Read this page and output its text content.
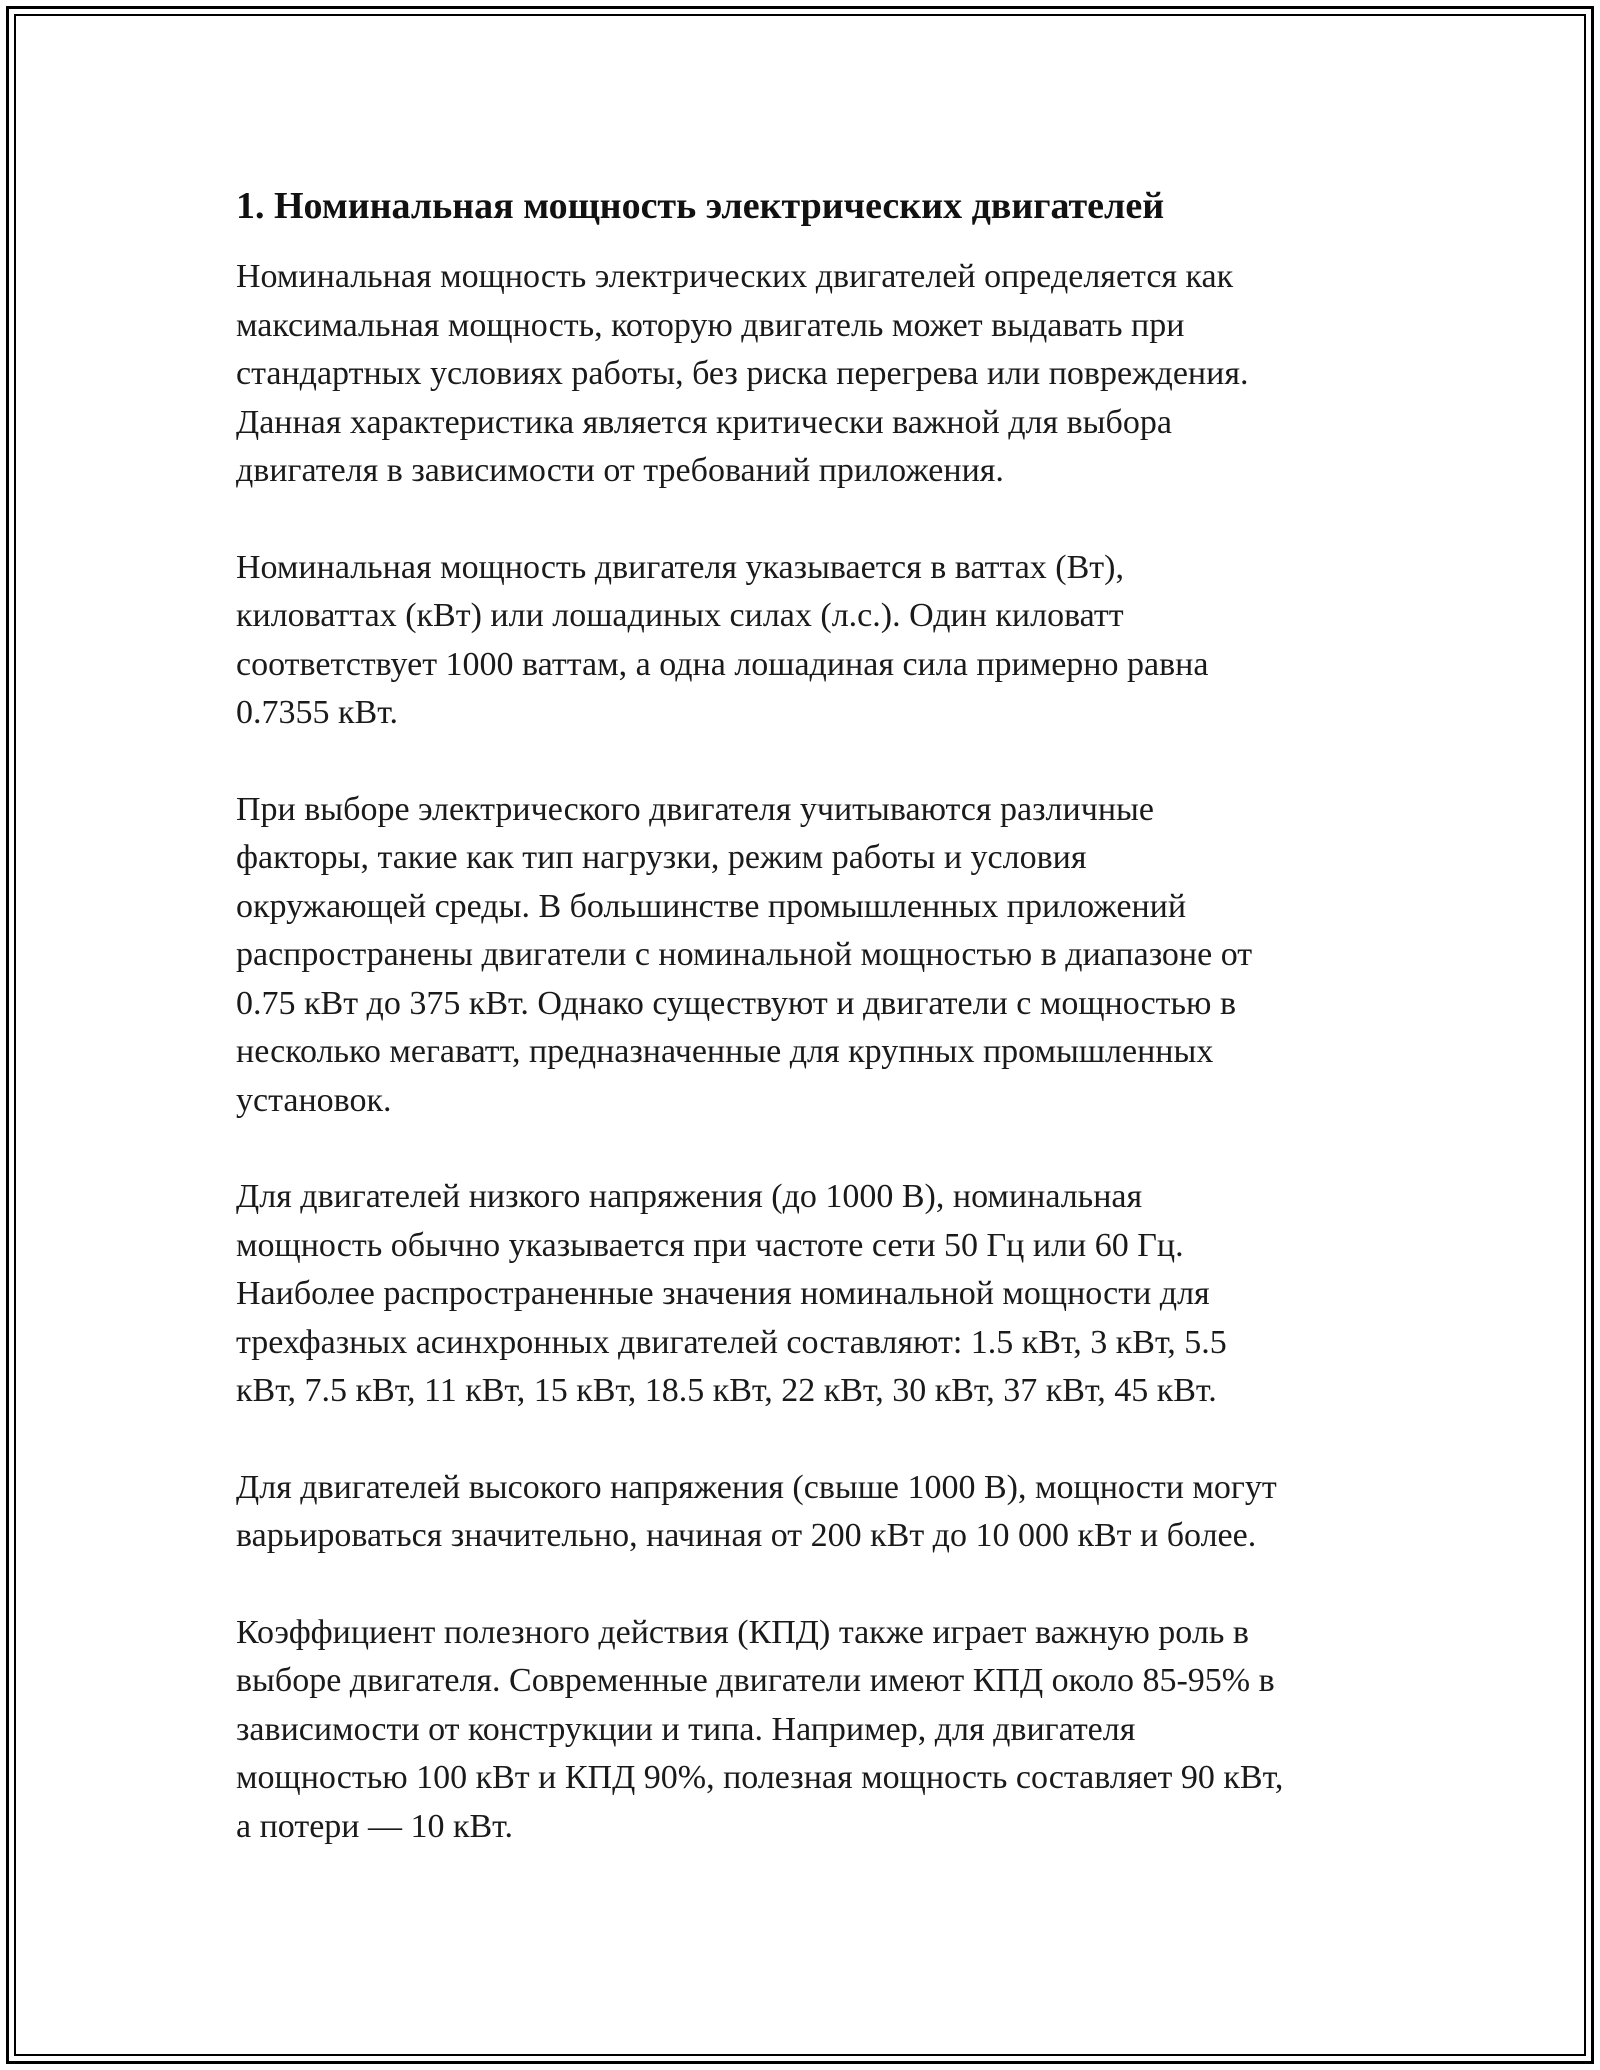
1. Номинальная мощность электрических двигателей

Номинальная мощность электрических двигателей определяется как
максимальная мощность, которую двигатель может выдавать при
стандартных условиях работы, без риска перегрева или повреждения.
Данная характеристика является критически важной для выбора
двигателя в зависимости от требований приложения.

Номинальная мощность двигателя указывается в ваттах (Вт),
киловаттах (кВт) или лошадиных силах (л.с.). Один киловатт
соответствует 1000 ваттам, а одна лошадиная сила примерно равна
0.7355 кВт.

При выборе электрического двигателя учитываются различные
факторы, такие как тип нагрузки, режим работы и условия
окружающей среды. В большинстве промышленных приложений
распространены двигатели с номинальной мощностью в диапазоне от
0.75 кВт до 375 кВт. Однако существуют и двигатели с мощностью в
несколько мегаватт, предназначенные для крупных промышленных
установок.

Для двигателей низкого напряжения (до 1000 В), номинальная
мощность обычно указывается при частоте сети 50 Гц или 60 Гц.
Наиболее распространенные значения номинальной мощности для
трехфазных асинхронных двигателей составляют: 1.5 кВт, 3 кВт, 5.5
кВт, 7.5 кВт, 11 кВт, 15 кВт, 18.5 кВт, 22 кВт, 30 кВт, 37 кВт, 45 кВт.

Для двигателей высокого напряжения (свыше 1000 В), мощности могут
варьироваться значительно, начиная от 200 кВт до 10 000 кВт и более.

Коэффициент полезного действия (КПД) также играет важную роль в
выборе двигателя. Современные двигатели имеют КПД около 85-95% в
зависимости от конструкции и типа. Например, для двигателя
мощностью 100 кВт и КПД 90%, полезная мощность составляет 90 кВт,
а потери — 10 кВт.
